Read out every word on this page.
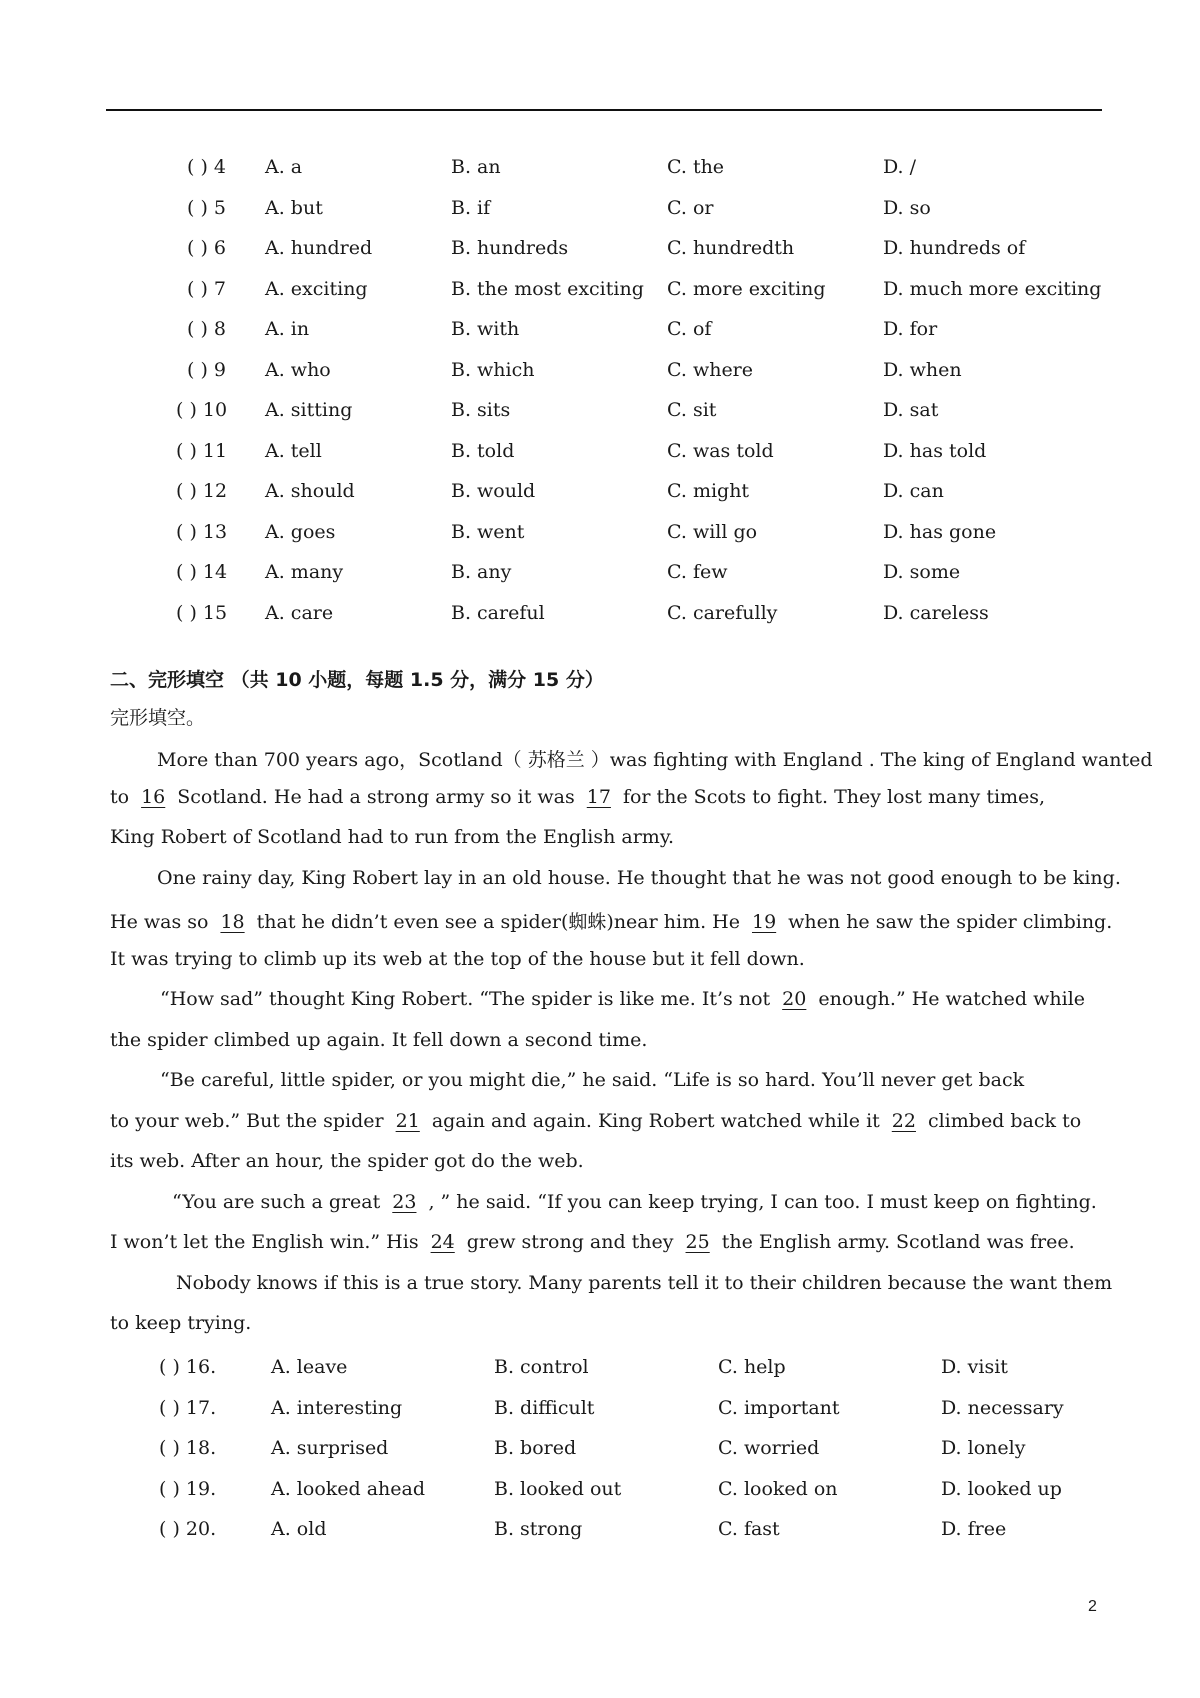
( ) 4 A. a	B. an	C. the	D. /
( ) 5 A. but	B. if	C. or	D. so
( ) 6 A. hundred	B. hundreds	C. hundredth	D. hundreds of
( ) 7 A. exciting	B. the most exciting C. more exciting	D. much more exciting
( ) 8 A. in	B. with	C. of	D. for
( ) 9 A. who	B. which	C. where	D. when
( ) 10 A. sitting	B. sits	C. sit	D. sat
( ) 11 A. tell	B. told	C. was told	D. has told
( ) 12 A. should	B. would	C. might	D. can
( ) 13 A. goes	B. went	C. will go	D. has gone
( ) 14 A. many	B. any	C. few	D. some
( ) 15 A. care	B. careful	C. carefully	D. careless
二、完形填空 （共 10 小题，每题 1.5 分，满分 15 分）
完形填空。
More than 700 years ago，Scotland（ 苏格兰 ）was fighting with England . The king of England wanted
to 16 Scotland. He had a strong army so it was 17 for the Scots to fight. They lost many times,
King Robert of Scotland had to run from the English army.
One rainy day, King Robert lay in an old house. He thought that he was not good enough to be king.
He was so 18 that he didn’t even see a spider(蜘蛛)near him. He 19 when he saw the spider climbing.
It was trying to climb up its web at the top of the house but it fell down.
“How sad” thought King Robert. “The spider is like me. It’s not 20 enough.” He watched while
the spider climbed up again. It fell down a second time.
“Be careful, little spider, or you might die,” he said. “Life is so hard. You’ll never get back
to your web.” But the spider 21 again and again. King Robert watched while it 22 climbed back to
its web. After an hour, the spider got do the web.
“You are such a great 23 , ” he said. “If you can keep trying, I can too. I must keep on fighting.
I won’t let the English win.” His 24 grew strong and they 25 the English army. Scotland was free.
Nobody knows if this is a true story. Many parents tell it to their children because the want them
to keep trying.
( ) 16.	A. leave	B. control	C. help	D. visit
( ) 17.	A. interesting	B. difficult	C. important	D. necessary
( ) 18.	A. surprised	B. bored	C. worried	D. lonely
( ) 19.	A. looked ahead	B. looked out	C. looked on	D. looked up
( ) 20.	A. old	B. strong	C. fast	D. free
2
